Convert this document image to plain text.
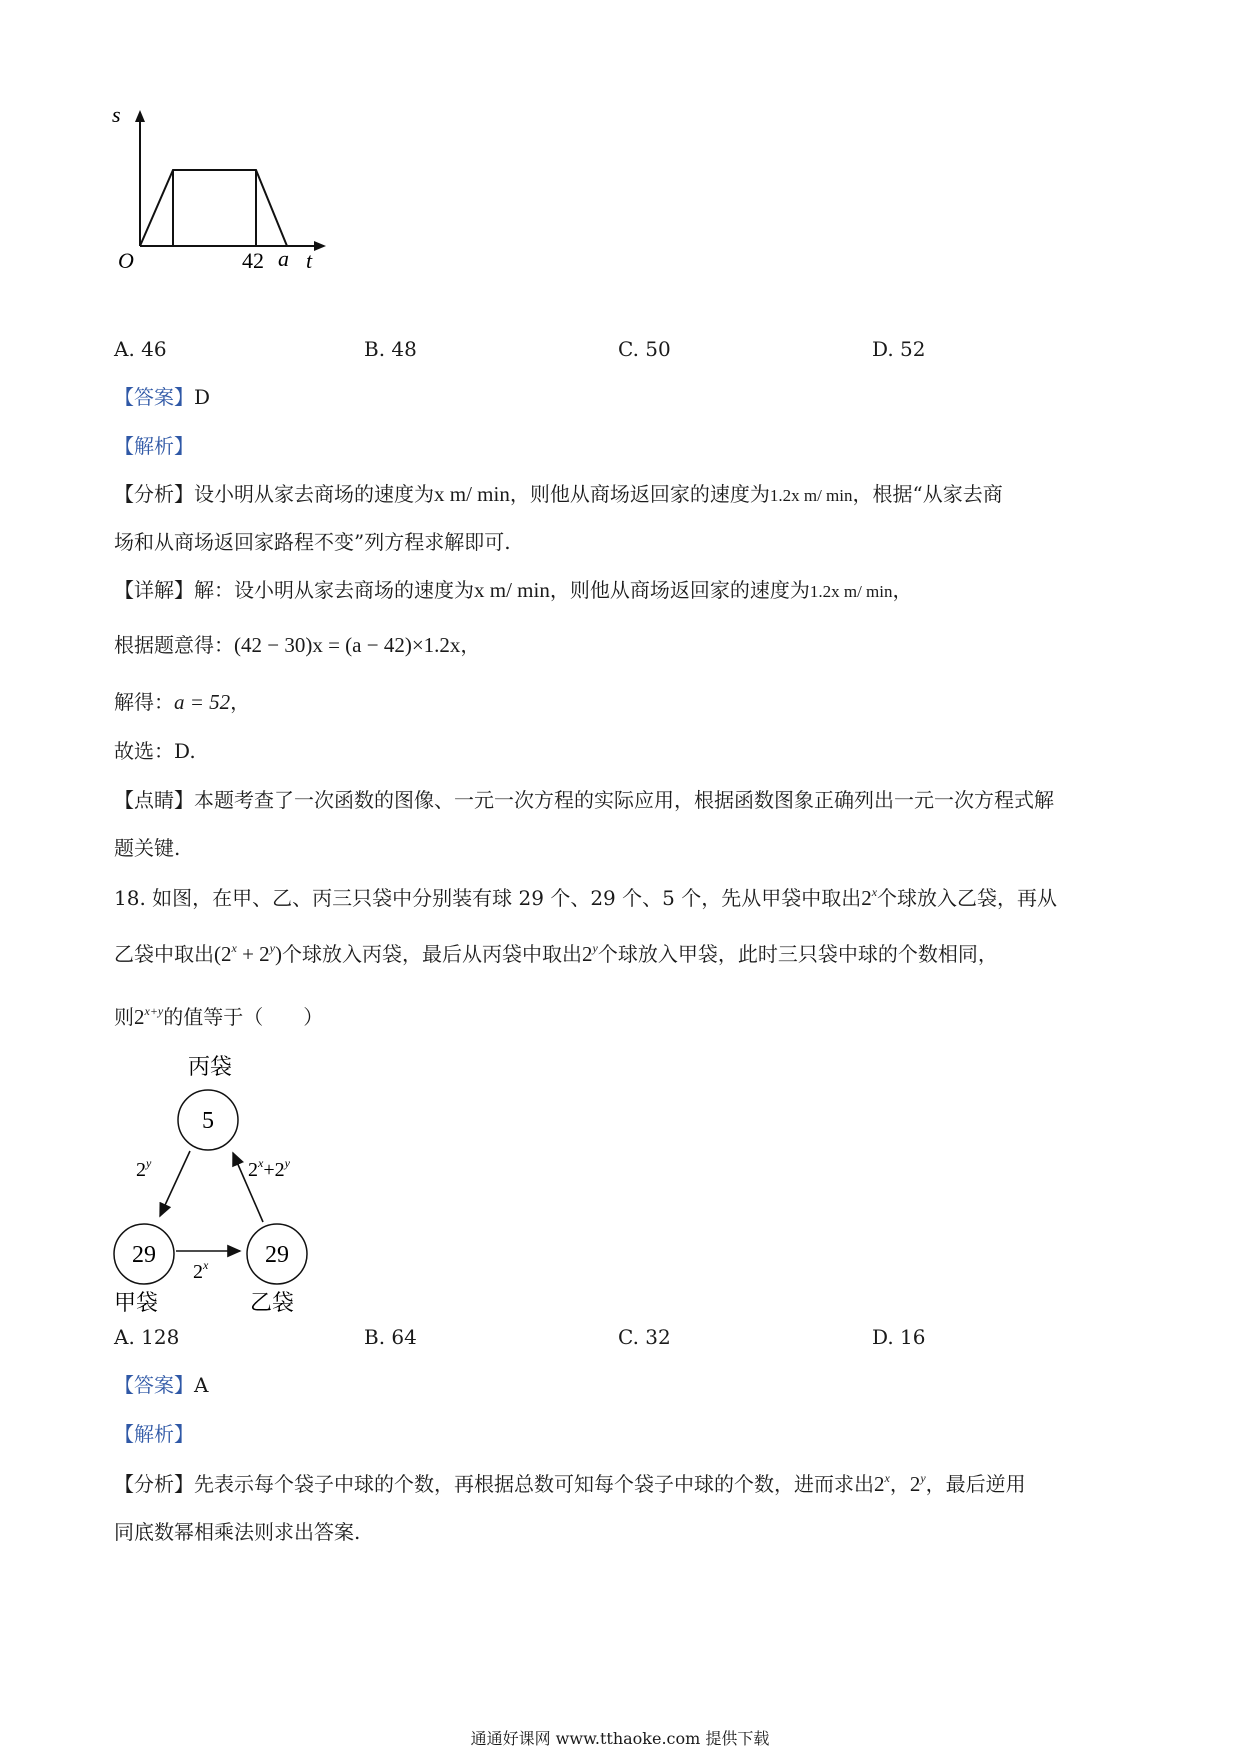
s
O	42 a t
A. 46	B. 48	C. 50	D. 52
【答案】D
【解析】
【分析】设小明从家去商场的速度为x m/ min，则他从商场返回家的速度为1.2x m/ min，根据“从家去商
场和从商场返回家路程不变”列方程求解即可.
【详解】解：设小明从家去商场的速度为x m/ min，则他从商场返回家的速度为1.2x m/ min，
根据题意得：(42 − 30)x = (a − 42)×1.2x，
解得：a = 52，
故选：D.
【点睛】本题考查了一次函数的图像、一元一次方程的实际应用，根据函数图象正确列出一元一次方程式解
题关键.
18. 如图，在甲、乙、丙三只袋中分别装有球 29 个、29 个、5 个，先从甲袋中取出2$^x$个球放入乙袋，再从
乙袋中取出$(2^x + 2^y)$个球放入丙袋，最后从丙袋中取出2$^y$个球放入甲袋，此时三只袋中球的个数相同，
则$2^{x+y}$的值等于（　　）
丙袋
5
29
甲袋
29
乙袋
2$^y$	$2^x+2^y$
2$^x$
A. 128	B. 64	C. 32	D. 16
【答案】A
【解析】
【分析】先表示每个袋子中球的个数，再根据总数可知每个袋子中球的个数，进而求出2$^x$，2$^y$，最后逆用
同底数幂相乘法则求出答案.
通通好课网 www.tthaoke.com 提供下载
